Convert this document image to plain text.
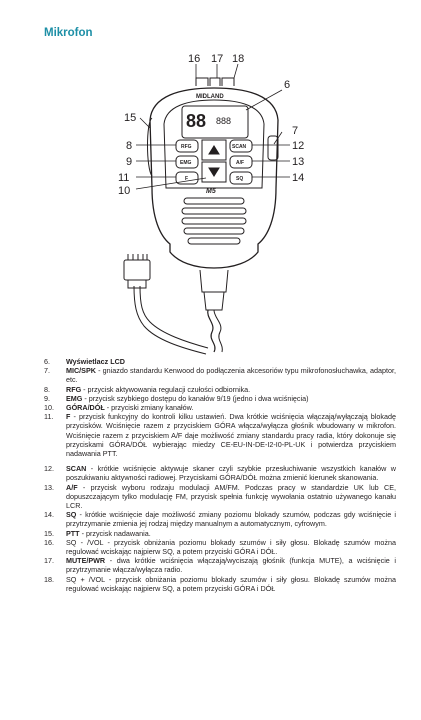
Mikrofon
88 888
MIDLAND
M5
RFG
EMG
F
SCAN
A/F
SQ
16 17 18
6
7
15
8
9
11
10
12
13
14
6.	Wyświetlacz LCD
7.	MIC/SPK - gniazdo standardu Kenwood do podłączenia akcesoriów typu mikrofonosłuchawka, adaptor, etc.
8.	RFG - przycisk aktywowania regulacji czułości odbiornika.
9.	EMG - przycisk szybkiego dostępu do kanałów 9/19 (jedno i dwa wciśnięcia)
10.	GÓRA/DÓŁ - przyciski zmiany kanałów.
11.	F - przycisk funkcyjny do kontroli kilku ustawień. Dwa krótkie wciśnięcia włączają/wyłączają blokadę przycisków. Wciśnięcie razem z przyciskiem GÓRA włącza/wyłącza głośnik wbudowany w mikrofon. Wciśnięcie razem z przyciskiem A/F daje możliwość zmiany standardu pracy radia, który dokonuje się przyciskami GÓRA/DÓŁ wybierając miedzy CE-EU-IN-DE-I2-I0-PL-UK i potwierdza przyciskiem nadawania PTT.
12.	SCAN - krótkie wciśnięcie aktywuje skaner czyli szybkie przesłuchiwanie wszystkich kanałów w poszukiwaniu aktywności radiowej. Przyciskami GÓRA/DÓŁ można zmienić kierunek skanowania.
13.	A/F - przycisk wyboru rodzaju modulacji AM/FM. Podczas pracy w standardzie UK lub CE, dopuszczającym tylko modulację FM, przycisk spełnia funkcję wywołania ostatnio używanego kanału LCR.
14.	SQ - krótkie wciśnięcie daje możliwość zmiany poziomu blokady szumów, podczas gdy wciśnięcie i przytrzymanie zmienia jej rodzaj między manualnym a automatycznym, cyfrowym.
15.	PTT - przycisk nadawania.
16.	SQ - /VOL - przycisk obniżania poziomu blokady szumów i siły głosu. Blokadę szumów można regulować wciskając najpierw SQ, a potem przyciski GÓRA i DÓŁ.
17.	MUTE/PWR - dwa krótkie wciśnięcia włączają/wyciszają głośnik (funkcja MUTE), a wciśnięcie i przytrzymanie włącza/wyłącza radio.
18.	SQ + /VOL - przycisk obniżania poziomu blokady szumów i siły głosu. Blokadę szumów można regulować wciskając najpierw SQ, a potem przyciski GÓRA i DÓŁ
